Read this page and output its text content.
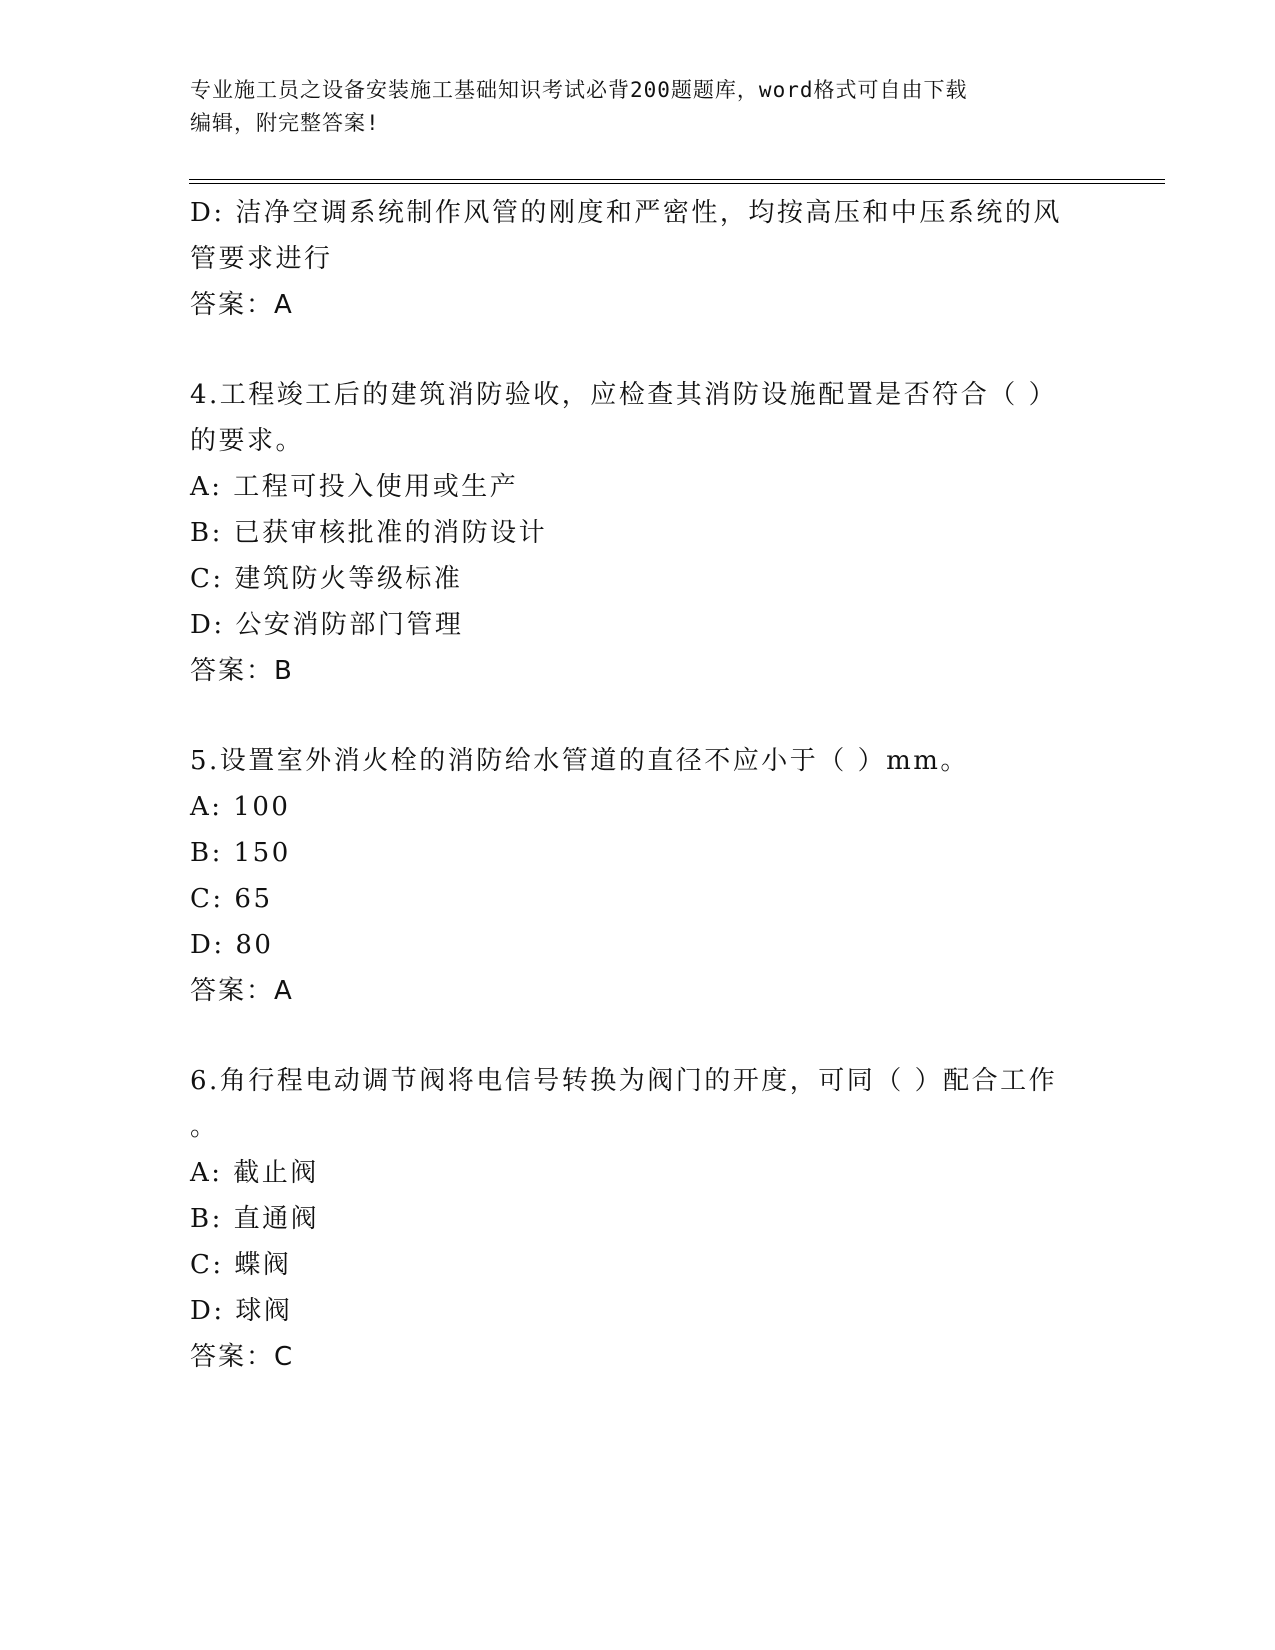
专业施工员之设备安装施工基础知识考试必背200题题库，word格式可自由下载
编辑，附完整答案!
D: 洁净空调系统制作风管的刚度和严密性，均按高压和中压系统的风
管要求进行
答案：A
4.工程竣工后的建筑消防验收，应检查其消防设施配置是否符合（ ）
的要求。
A: 工程可投入使用或生产
B: 已获审核批准的消防设计
C: 建筑防火等级标准
D: 公安消防部门管理
答案：B
5.设置室外消火栓的消防给水管道的直径不应小于（ ）mm。
A: 100
B: 150
C: 65
D: 80
答案：A
6.角行程电动调节阀将电信号转换为阀门的开度，可同（ ）配合工作
。
A: 截止阀
B: 直通阀
C: 蝶阀
D: 球阀
答案：C
